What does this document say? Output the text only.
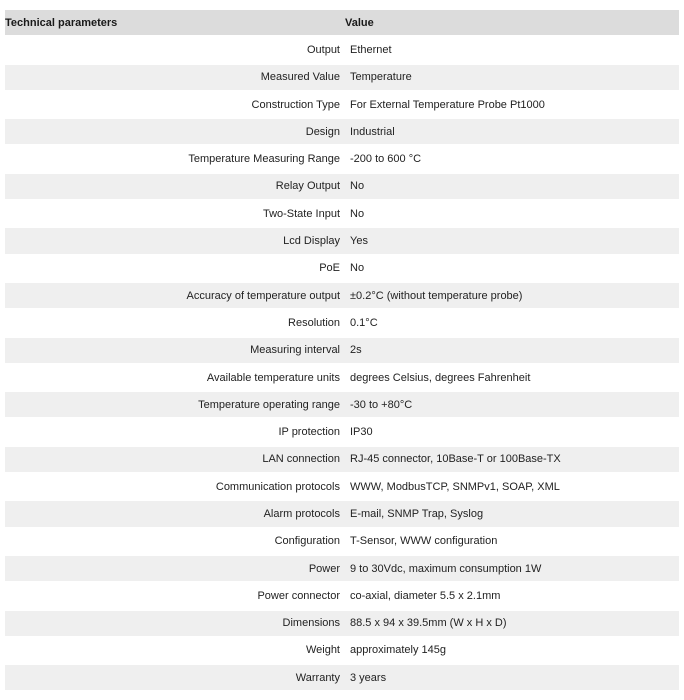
Technical parameters	Value
Output	Ethernet
Measured Value	Temperature
Construction Type	For External Temperature Probe Pt1000
Design	Industrial
Temperature Measuring Range	-200 to 600 °C
Relay Output	No
Two-State Input	No
Lcd Display	Yes
PoE	No
Accuracy of temperature output	±0.2°C (without temperature probe)
Resolution	0.1°C
Measuring interval	2s
Available temperature units	degrees Celsius, degrees Fahrenheit
Temperature operating range	-30 to +80°C
IP protection	IP30
LAN connection	RJ-45 connector, 10Base-T or 100Base-TX
Communication protocols	WWW, ModbusTCP, SNMPv1, SOAP, XML
Alarm protocols	E-mail, SNMP Trap, Syslog
Configuration	T-Sensor, WWW configuration
Power	9 to 30Vdc, maximum consumption 1W
Power connector	co-axial, diameter 5.5 x 2.1mm
Dimensions	88.5 x 94 x 39.5mm (W x H x D)
Weight	approximately 145g
Warranty	3 years
